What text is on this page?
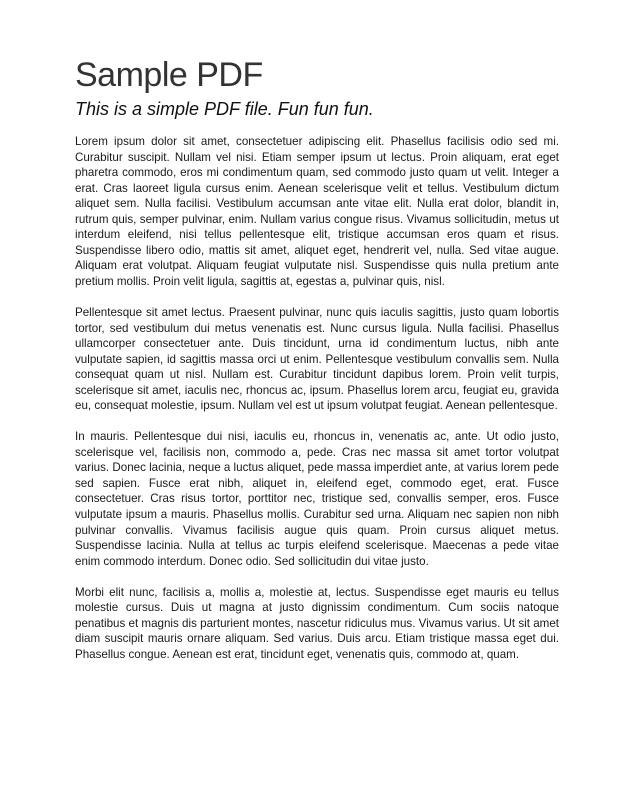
Sample PDF

This is a simple PDF file. Fun fun fun.

Lorem ipsum dolor sit amet, consectetuer adipiscing elit. Phasellus facilisis odio sed mi. Curabitur suscipit. Nullam vel nisi. Etiam semper ipsum ut lectus. Proin aliquam, erat eget pharetra commodo, eros mi condimentum quam, sed commodo justo quam ut velit. Integer a erat. Cras laoreet ligula cursus enim. Aenean scelerisque velit et tellus. Vestibulum dictum aliquet sem. Nulla facilisi. Vestibulum accumsan ante vitae elit. Nulla erat dolor, blandit in, rutrum quis, semper pulvinar, enim. Nullam varius congue risus. Vivamus sollicitudin, metus ut interdum eleifend, nisi tellus pellentesque elit, tristique accumsan eros quam et risus. Suspendisse libero odio, mattis sit amet, aliquet eget, hendrerit vel, nulla. Sed vitae augue. Aliquam erat volutpat. Aliquam feugiat vulputate nisl. Suspendisse quis nulla pretium ante pretium mollis. Proin velit ligula, sagittis at, egestas a, pulvinar quis, nisl.

Pellentesque sit amet lectus. Praesent pulvinar, nunc quis iaculis sagittis, justo quam lobortis tortor, sed vestibulum dui metus venenatis est. Nunc cursus ligula. Nulla facilisi. Phasellus ullamcorper consectetuer ante. Duis tincidunt, urna id condimentum luctus, nibh ante vulputate sapien, id sagittis massa orci ut enim. Pellentesque vestibulum convallis sem. Nulla consequat quam ut nisl. Nullam est. Curabitur tincidunt dapibus lorem. Proin velit turpis, scelerisque sit amet, iaculis nec, rhoncus ac, ipsum. Phasellus lorem arcu, feugiat eu, gravida eu, consequat molestie, ipsum. Nullam vel est ut ipsum volutpat feugiat. Aenean pellentesque.

In mauris. Pellentesque dui nisi, iaculis eu, rhoncus in, venenatis ac, ante. Ut odio justo, scelerisque vel, facilisis non, commodo a, pede. Cras nec massa sit amet tortor volutpat varius. Donec lacinia, neque a luctus aliquet, pede massa imperdiet ante, at varius lorem pede sed sapien. Fusce erat nibh, aliquet in, eleifend eget, commodo eget, erat. Fusce consectetuer. Cras risus tortor, porttitor nec, tristique sed, convallis semper, eros. Fusce vulputate ipsum a mauris. Phasellus mollis. Curabitur sed urna. Aliquam nec sapien non nibh pulvinar convallis. Vivamus facilisis augue quis quam. Proin cursus aliquet metus. Suspendisse lacinia. Nulla at tellus ac turpis eleifend scelerisque. Maecenas a pede vitae enim commodo interdum. Donec odio. Sed sollicitudin dui vitae justo.

Morbi elit nunc, facilisis a, mollis a, molestie at, lectus. Suspendisse eget mauris eu tellus molestie cursus. Duis ut magna at justo dignissim condimentum. Cum sociis natoque penatibus et magnis dis parturient montes, nascetur ridiculus mus. Vivamus varius. Ut sit amet diam suscipit mauris ornare aliquam. Sed varius. Duis arcu. Etiam tristique massa eget dui. Phasellus congue. Aenean est erat, tincidunt eget, venenatis quis, commodo at, quam.
